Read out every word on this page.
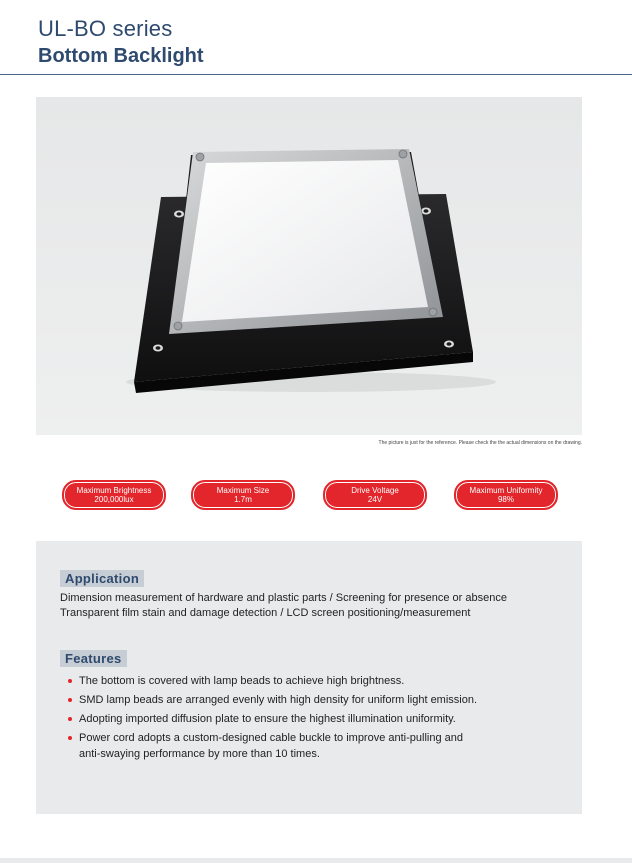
UL-BO series
Bottom Backlight
The picture is just for the reference. Please check the the actual dimensions on the drawing.
Maximum Brightness
200,000lux
Maximum Size
1.7m
Drive Voltage
24V
Maximum Uniformity
98%
Application
Dimension measurement of hardware and plastic parts / Screening for presence or absence
Transparent film stain and damage detection / LCD screen positioning/measurement
Features
The bottom is covered with lamp beads to achieve high brightness.
SMD lamp beads are arranged evenly with high density for uniform light emission.
Adopting imported diffusion plate to ensure the highest illumination uniformity.
Power cord adopts a custom-designed cable buckle to improve anti-pulling and anti-swaying performance by more than 10 times.
